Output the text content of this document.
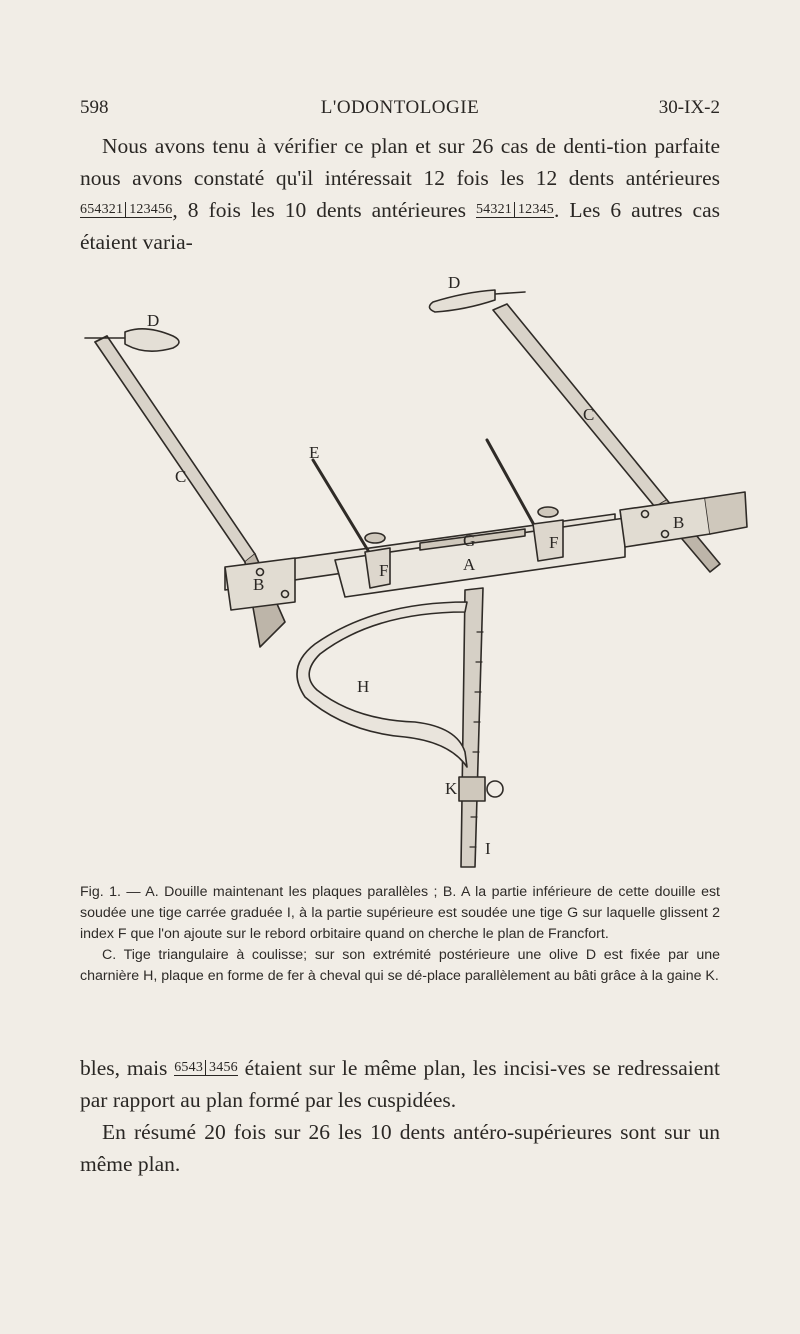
598	L'ODONTOLOGIE	30-IX-2

Nous avons tenu à vérifier ce plan et sur 26 cas de denti-tion parfaite nous avons constaté qu'il intéressait 12 fois les 12 dents antérieures 654321 123456, 8 fois les 10 dents antérieures 54321 12345. Les 6 autres cas étaient varia-

D
D
C
C
B
B
E
G
A
F
F
H
K
I

Fig. 1. — A. Douille maintenant les plaques parallèles ; B. A la partie inférieure de cette douille est soudée une tige carrée graduée I, à la partie supérieure est soudée une tige G sur laquelle glissent 2 index F que l'on ajoute sur le rebord orbitaire quand on cherche le plan de Francfort.

C. Tige triangulaire à coulisse; sur son extrémité postérieure une olive D est fixée par une charnière H, plaque en forme de fer à cheval qui se dé-place parallèlement au bâti grâce à la gaine K.

bles, mais 6543 3456 étaient sur le même plan, les incisi-ves se redressaient par rapport au plan formé par les cuspidées.

En résumé 20 fois sur 26 les 10 dents antéro-supérieures sont sur un même plan.
